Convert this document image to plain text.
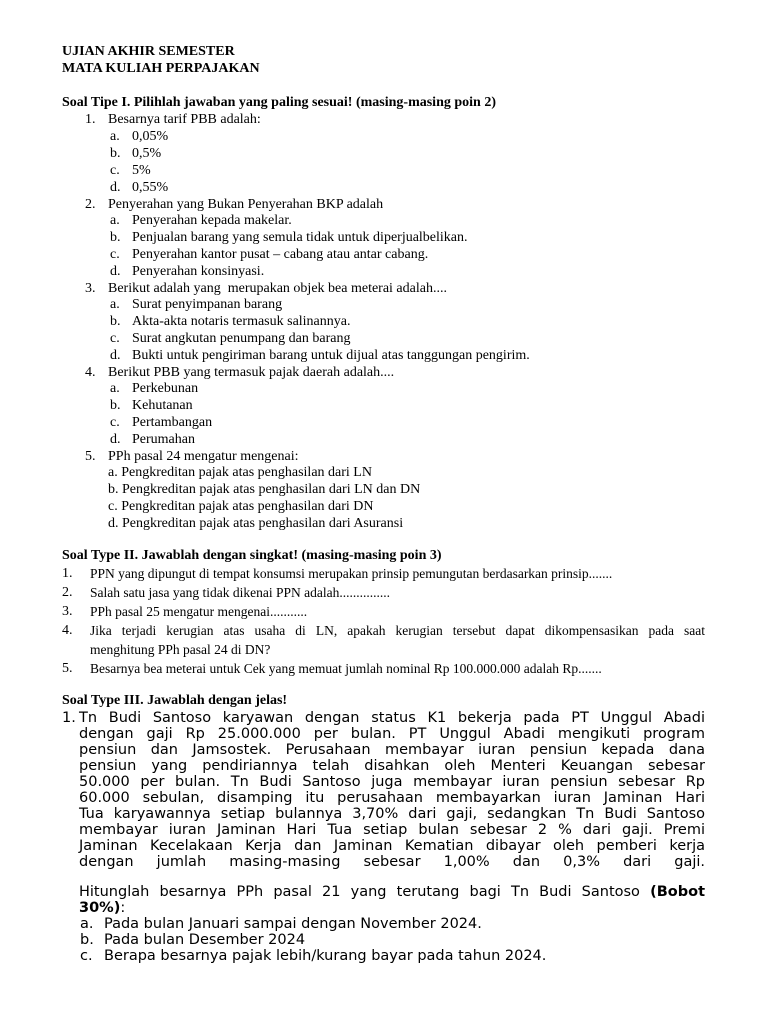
UJIAN AKHIR SEMESTER
MATA KULIAH PERPAJAKAN
Soal Tipe I. Pilihlah jawaban yang paling sesuai! (masing-masing poin 2)
1. Besarnya tarif PBB adalah:
a. 0,05%
b. 0,5%
c. 5%
d. 0,55%
2. Penyerahan yang Bukan Penyerahan BKP adalah
a. Penyerahan kepada makelar.
b. Penjualan barang yang semula tidak untuk diperjualbelikan.
c. Penyerahan kantor pusat – cabang atau antar cabang.
d. Penyerahan konsinyasi.
3. Berikut adalah yang  merupakan objek bea meterai adalah....
a. Surat penyimpanan barang
b. Akta-akta notaris termasuk salinannya.
c. Surat angkutan penumpang dan barang
d. Bukti untuk pengiriman barang untuk dijual atas tanggungan pengirim.
4. Berikut PBB yang termasuk pajak daerah adalah....
a. Perkebunan
b. Kehutanan
c. Pertambangan
d. Perumahan
5. PPh pasal 24 mengatur mengenai:
a. Pengkreditan pajak atas penghasilan dari LN
b. Pengkreditan pajak atas penghasilan dari LN dan DN
c. Pengkreditan pajak atas penghasilan dari DN
d. Pengkreditan pajak atas penghasilan dari Asuransi
Soal Type II. Jawablah dengan singkat! (masing-masing poin 3)
1. PPN yang dipungut di tempat konsumsi merupakan prinsip pemungutan berdasarkan prinsip.......
2. Salah satu jasa yang tidak dikenai PPN adalah...............
3. PPh pasal 25 mengatur mengenai...........
4. Jika terjadi kerugian atas usaha di LN, apakah kerugian tersebut dapat dikompensasikan pada saat
menghitung PPh pasal 24 di DN?
5. Besarnya bea meterai untuk Cek yang memuat jumlah nominal Rp 100.000.000 adalah Rp.......
Soal Type III. Jawablah dengan jelas!
1. Tn Budi Santoso karyawan dengan status K1 bekerja pada PT Unggul Abadi
dengan gaji Rp 25.000.000 per bulan. PT Unggul Abadi mengikuti program
pensiun dan Jamsostek. Perusahaan membayar iuran pensiun kepada dana
pensiun yang pendiriannya telah disahkan oleh Menteri Keuangan sebesar
50.000 per bulan. Tn Budi Santoso juga membayar iuran pensiun sebesar Rp
60.000 sebulan, disamping itu perusahaan membayarkan iuran Jaminan Hari
Tua karyawannya setiap bulannya 3,70% dari gaji, sedangkan Tn Budi Santoso
membayar iuran Jaminan Hari Tua setiap bulan sebesar 2 % dari gaji. Premi
Jaminan Kecelakaan Kerja dan Jaminan Kematian dibayar oleh pemberi kerja
dengan jumlah masing-masing sebesar 1,00% dan 0,3% dari gaji.
Hitunglah besarnya PPh pasal 21 yang terutang bagi Tn Budi Santoso (Bobot
30%):
a. Pada bulan Januari sampai dengan November 2024.
b. Pada bulan Desember 2024
c. Berapa besarnya pajak lebih/kurang bayar pada tahun 2024.
